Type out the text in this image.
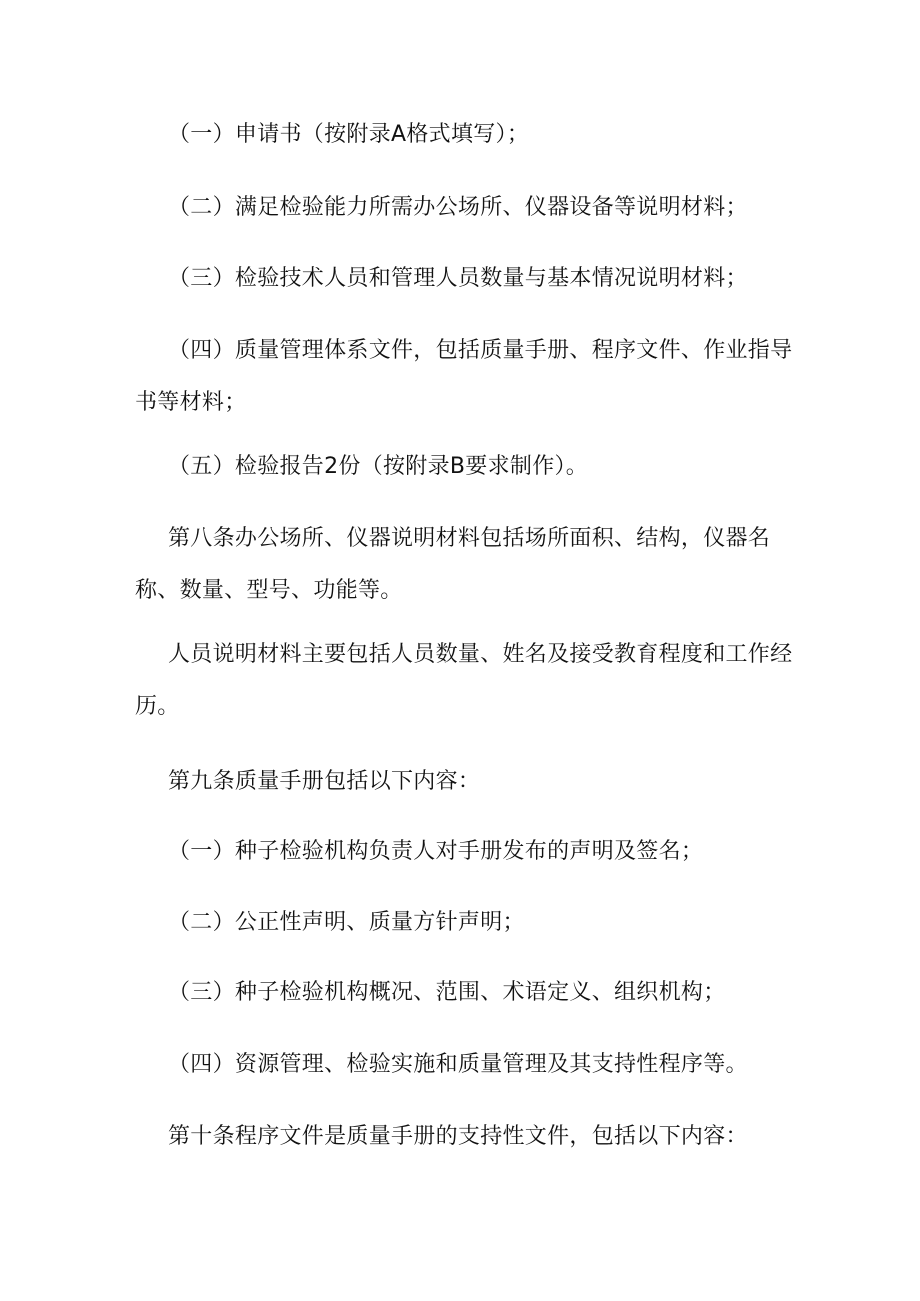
（一）申请书（按附录A格式填写）；

（二）满足检验能力所需办公场所、仪器设备等说明材料；

（三）检验技术人员和管理人员数量与基本情况说明材料；

（四）质量管理体系文件，包括质量手册、程序文件、作业指导书等材料；

（五）检验报告2份（按附录B要求制作）。

第八条办公场所、仪器说明材料包括场所面积、结构，仪器名称、数量、型号、功能等。

人员说明材料主要包括人员数量、姓名及接受教育程度和工作经历。

第九条质量手册包括以下内容：

（一）种子检验机构负责人对手册发布的声明及签名；

（二）公正性声明、质量方针声明；

（三）种子检验机构概况、范围、术语定义、组织机构；

（四）资源管理、检验实施和质量管理及其支持性程序等。

第十条程序文件是质量手册的支持性文件，包括以下内容：
